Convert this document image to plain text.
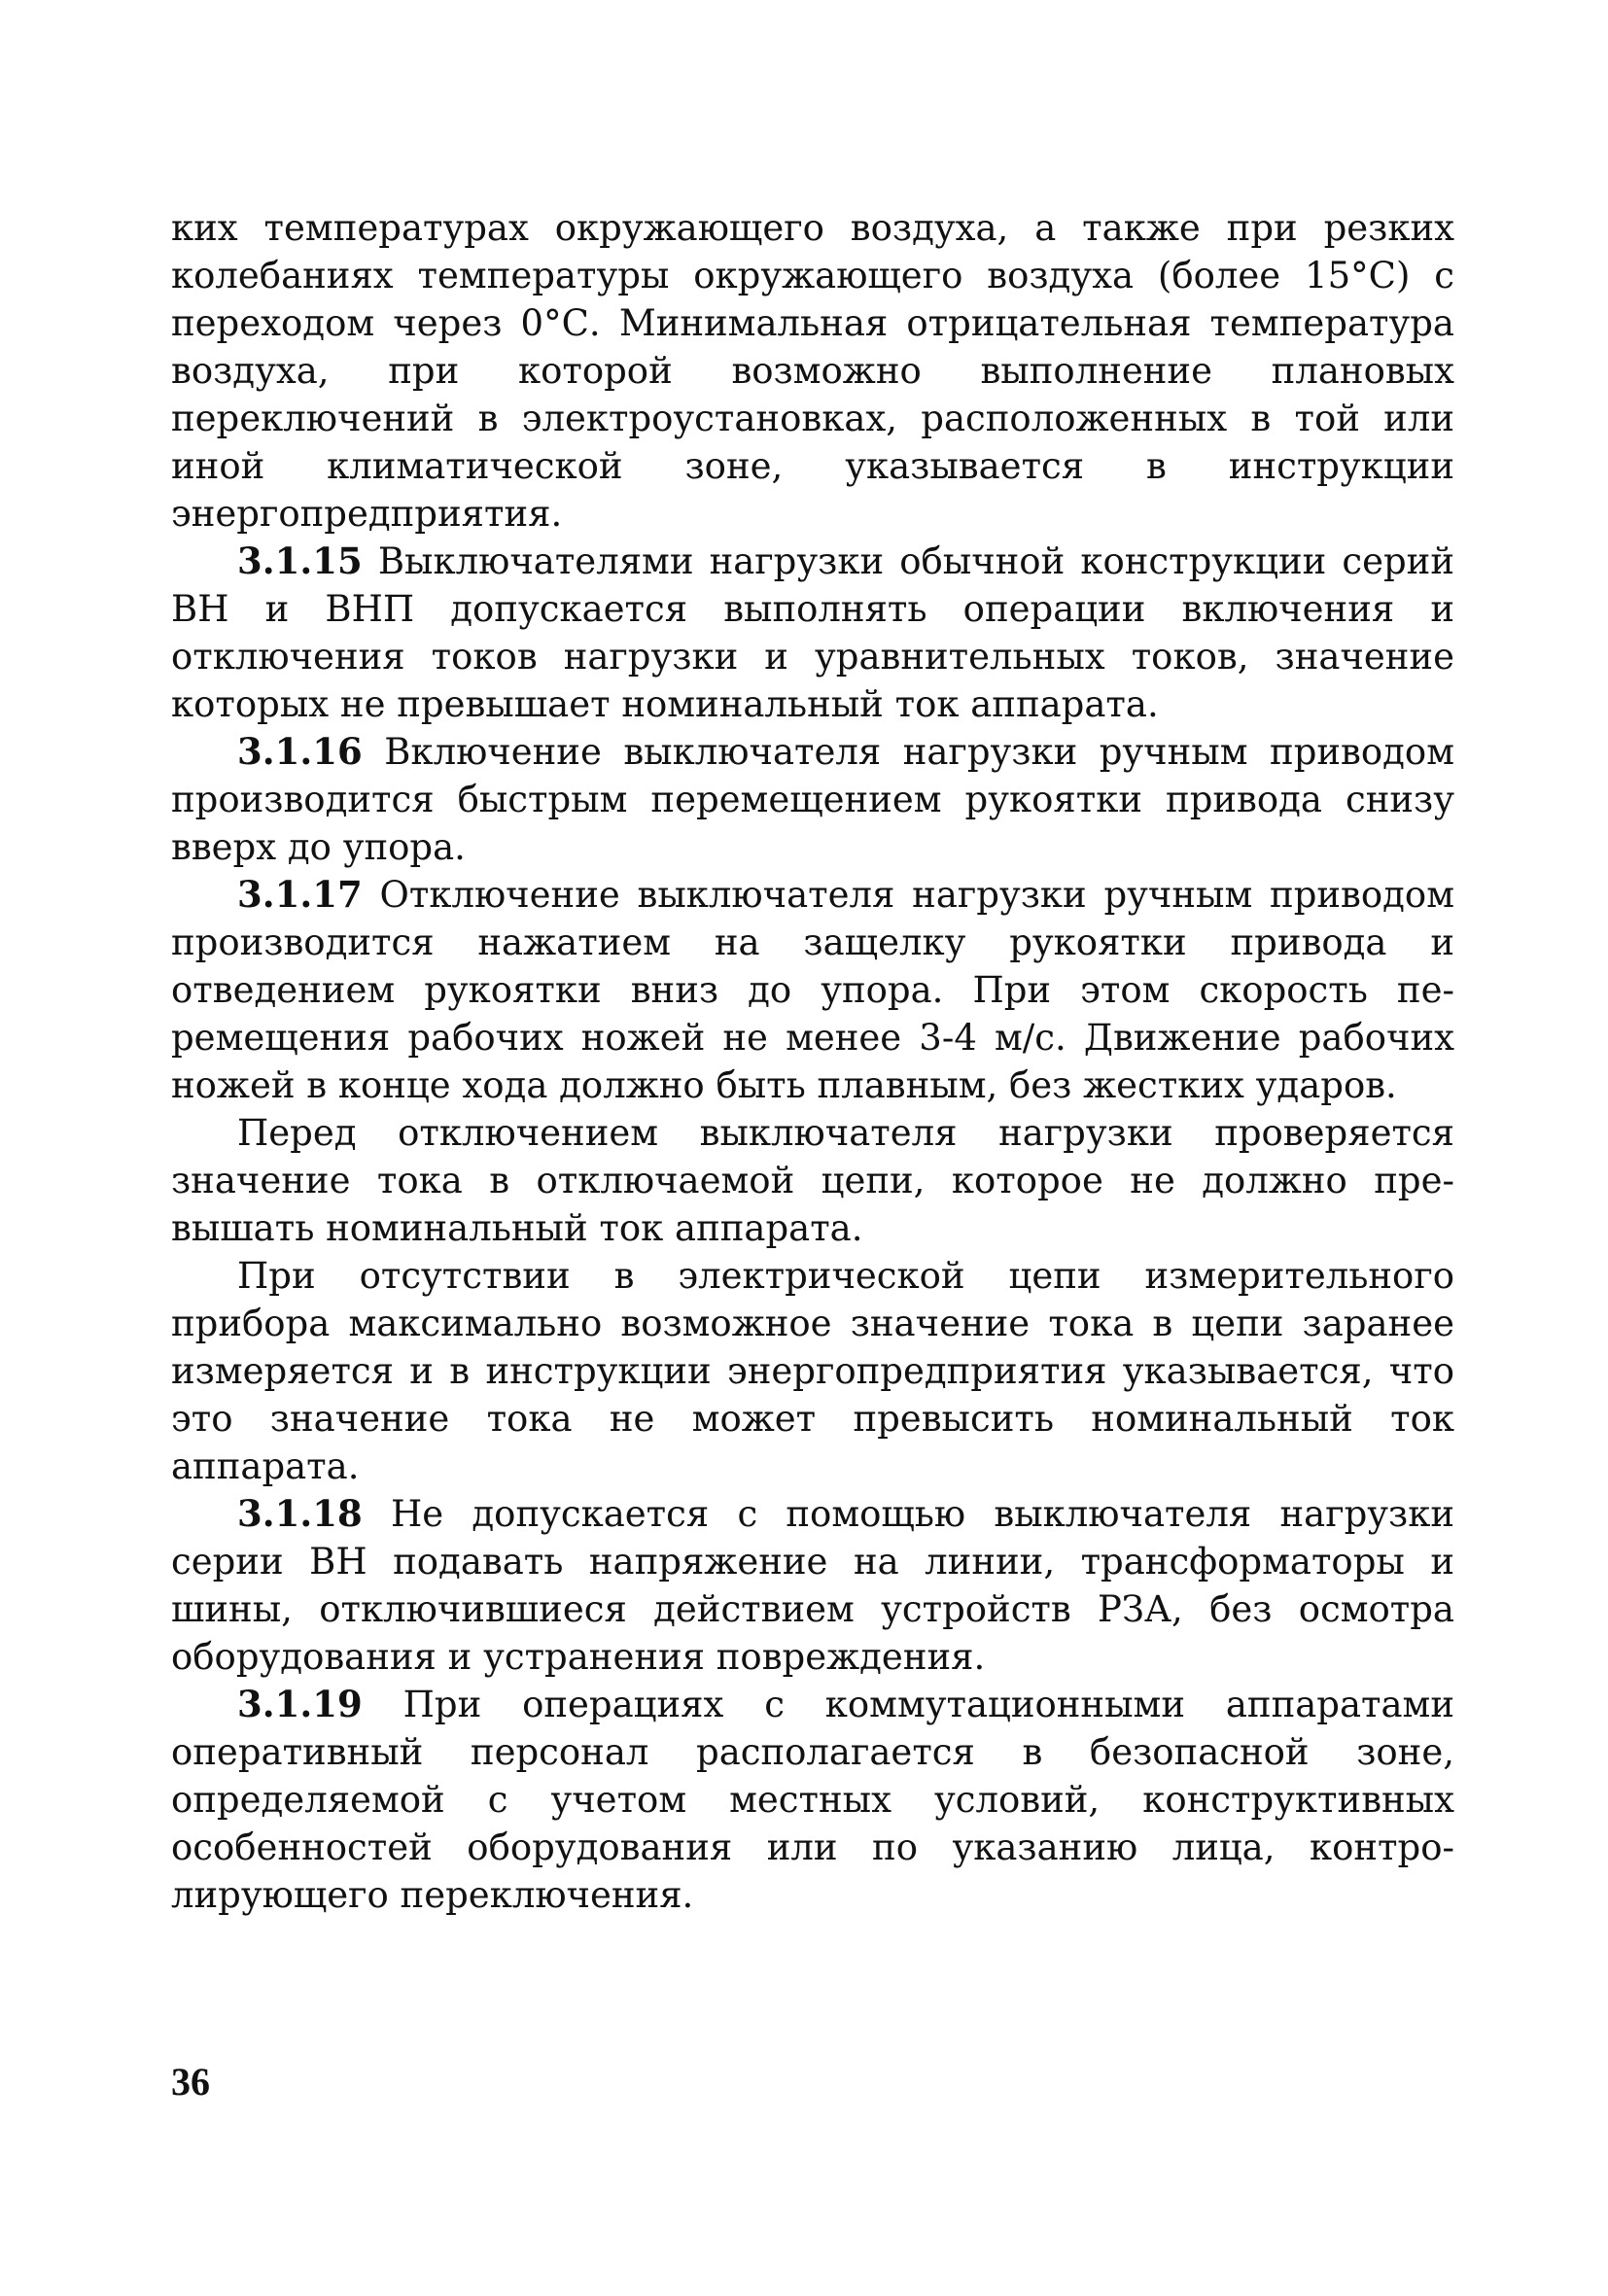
ких температурах окружающего воздуха, а также при резких колебаниях температуры окружающего воздуха (более 15°С) с переходом через 0°С. Минимальная отрицательная температура воздуха, при которой возможно выполнение плановых переключений в электроустановках, расположенных в той или иной климатической зоне, указывается в инструкции энергопредприятия.

3.1.15 Выключателями нагрузки обычной конструкции серий ВН и ВНП допускается выполнять операции включения и отключения токов нагрузки и уравнительных токов, значение которых не превышает номинальный ток аппарата.

3.1.16 Включение выключателя нагрузки ручным приводом производится быстрым перемещением рукоятки привода снизу вверх до упора.

3.1.17 Отключение выключателя нагрузки ручным приводом производится нажатием на защелку рукоятки привода и отведением рукоятки вниз до упора. При этом скорость перемещения рабочих ножей не менее 3-4 м/с. Движение рабочих ножей в конце хода должно быть плавным, без жестких ударов.

Перед отключением выключателя нагрузки проверяется значение тока в отключаемой цепи, которое не должно превышать номинальный ток аппарата.

При отсутствии в электрической цепи измерительного прибора максимально возможное значение тока в цепи заранее измеряется и в инструкции энергопредприятия указывается, что это значение тока не может превысить номинальный ток аппарата.

3.1.18 Не допускается с помощью выключателя нагрузки серии ВН подавать напряжение на линии, трансформаторы и шины, отключившиеся действием устройств РЗА, без осмотра оборудования и устранения повреждения.

3.1.19 При операциях с коммутационными аппаратами оперативный персонал располагается в безопасной зоне, определяемой с учетом местных условий, конструктивных особенностей оборудования или по указанию лица, контролирующего переключения.

36
